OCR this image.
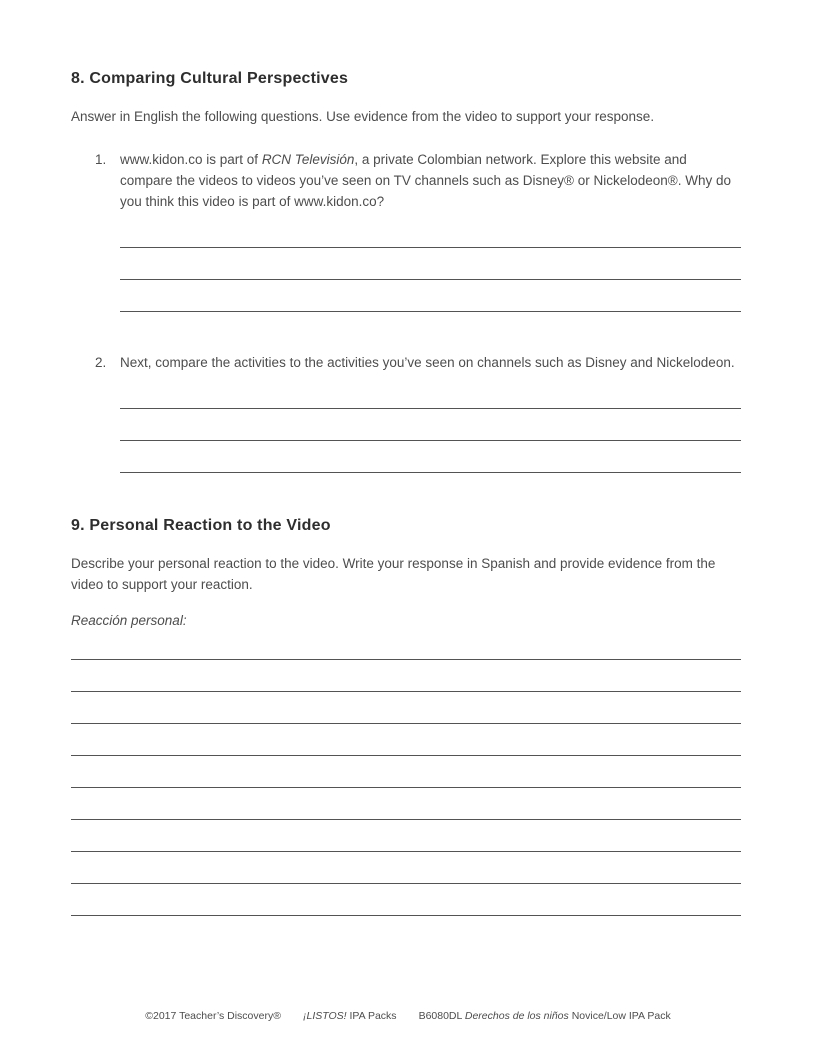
8. Comparing Cultural Perspectives

Answer in English the following questions. Use evidence from the video to support your response.

1.	www.kidon.co is part of RCN Televisión, a private Colombian network. Explore this website and compare the videos to videos you’ve seen on TV channels such as Disney® or Nickelodeon®. Why do you think this video is part of www.kidon.co?

2.	Next, compare the activities to the activities you’ve seen on channels such as Disney and Nickelodeon.

9. Personal Reaction to the Video

Describe your personal reaction to the video. Write your response in Spanish and provide evidence from the video to support your reaction.

Reacción personal:

©2017 Teacher’s Discovery® ¡LISTOS! IPA Packs B6080DL Derechos de los niños Novice/Low IPA Pack
